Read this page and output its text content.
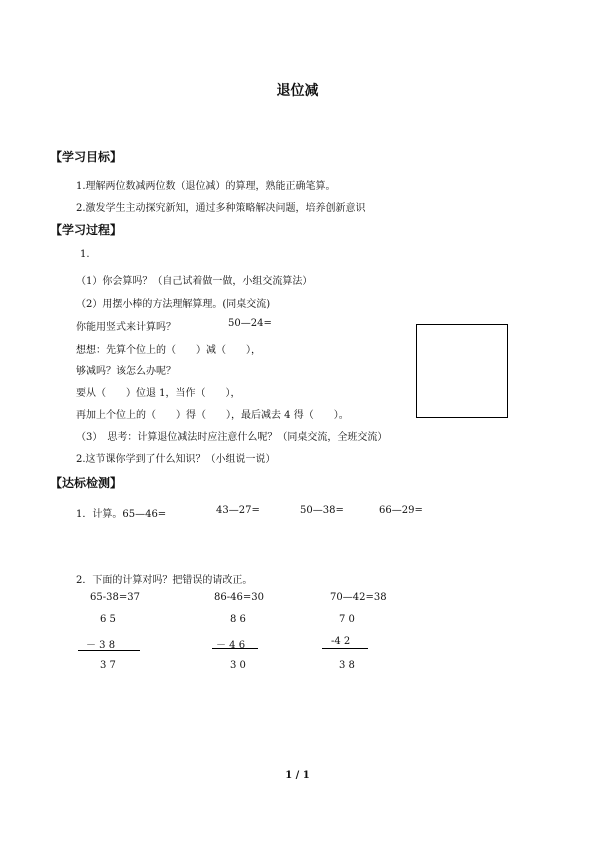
退位减
【学习目标】
1.理解两位数减两位数（退位减）的算理，熟能正确笔算。
2.激发学生主动探究新知，通过多种策略解决问题，培养创新意识
【学习过程】
1.
（1）你会算吗？（自己试着做一做，小组交流算法）
（2）用摆小棒的方法理解算理。(同桌交流)
你能用竖式来计算吗？	50—24=
想想：先算个位上的（　　）减（　　），
够减吗？该怎么办呢？
要从（　　）位退 1，当作（　　），
再加上个位上的（　　）得（　　），最后减去 4 得（　　）。
（3）　思考：计算退位减法时应注意什么呢？（同桌交流，全班交流）
2.这节课你学到了什么知识？（小组说一说）
【达标检测】
1．计算。65—46=	43—27=	50—38=	66—29=
2．下面的计算对吗？把错误的请改正。
65-38=37
6 5
－ 3 8
3 7
86-46=30
8 6
－ 4 6
3 0
70—42=38
7 0
-4 2
3 8
1 / 1
